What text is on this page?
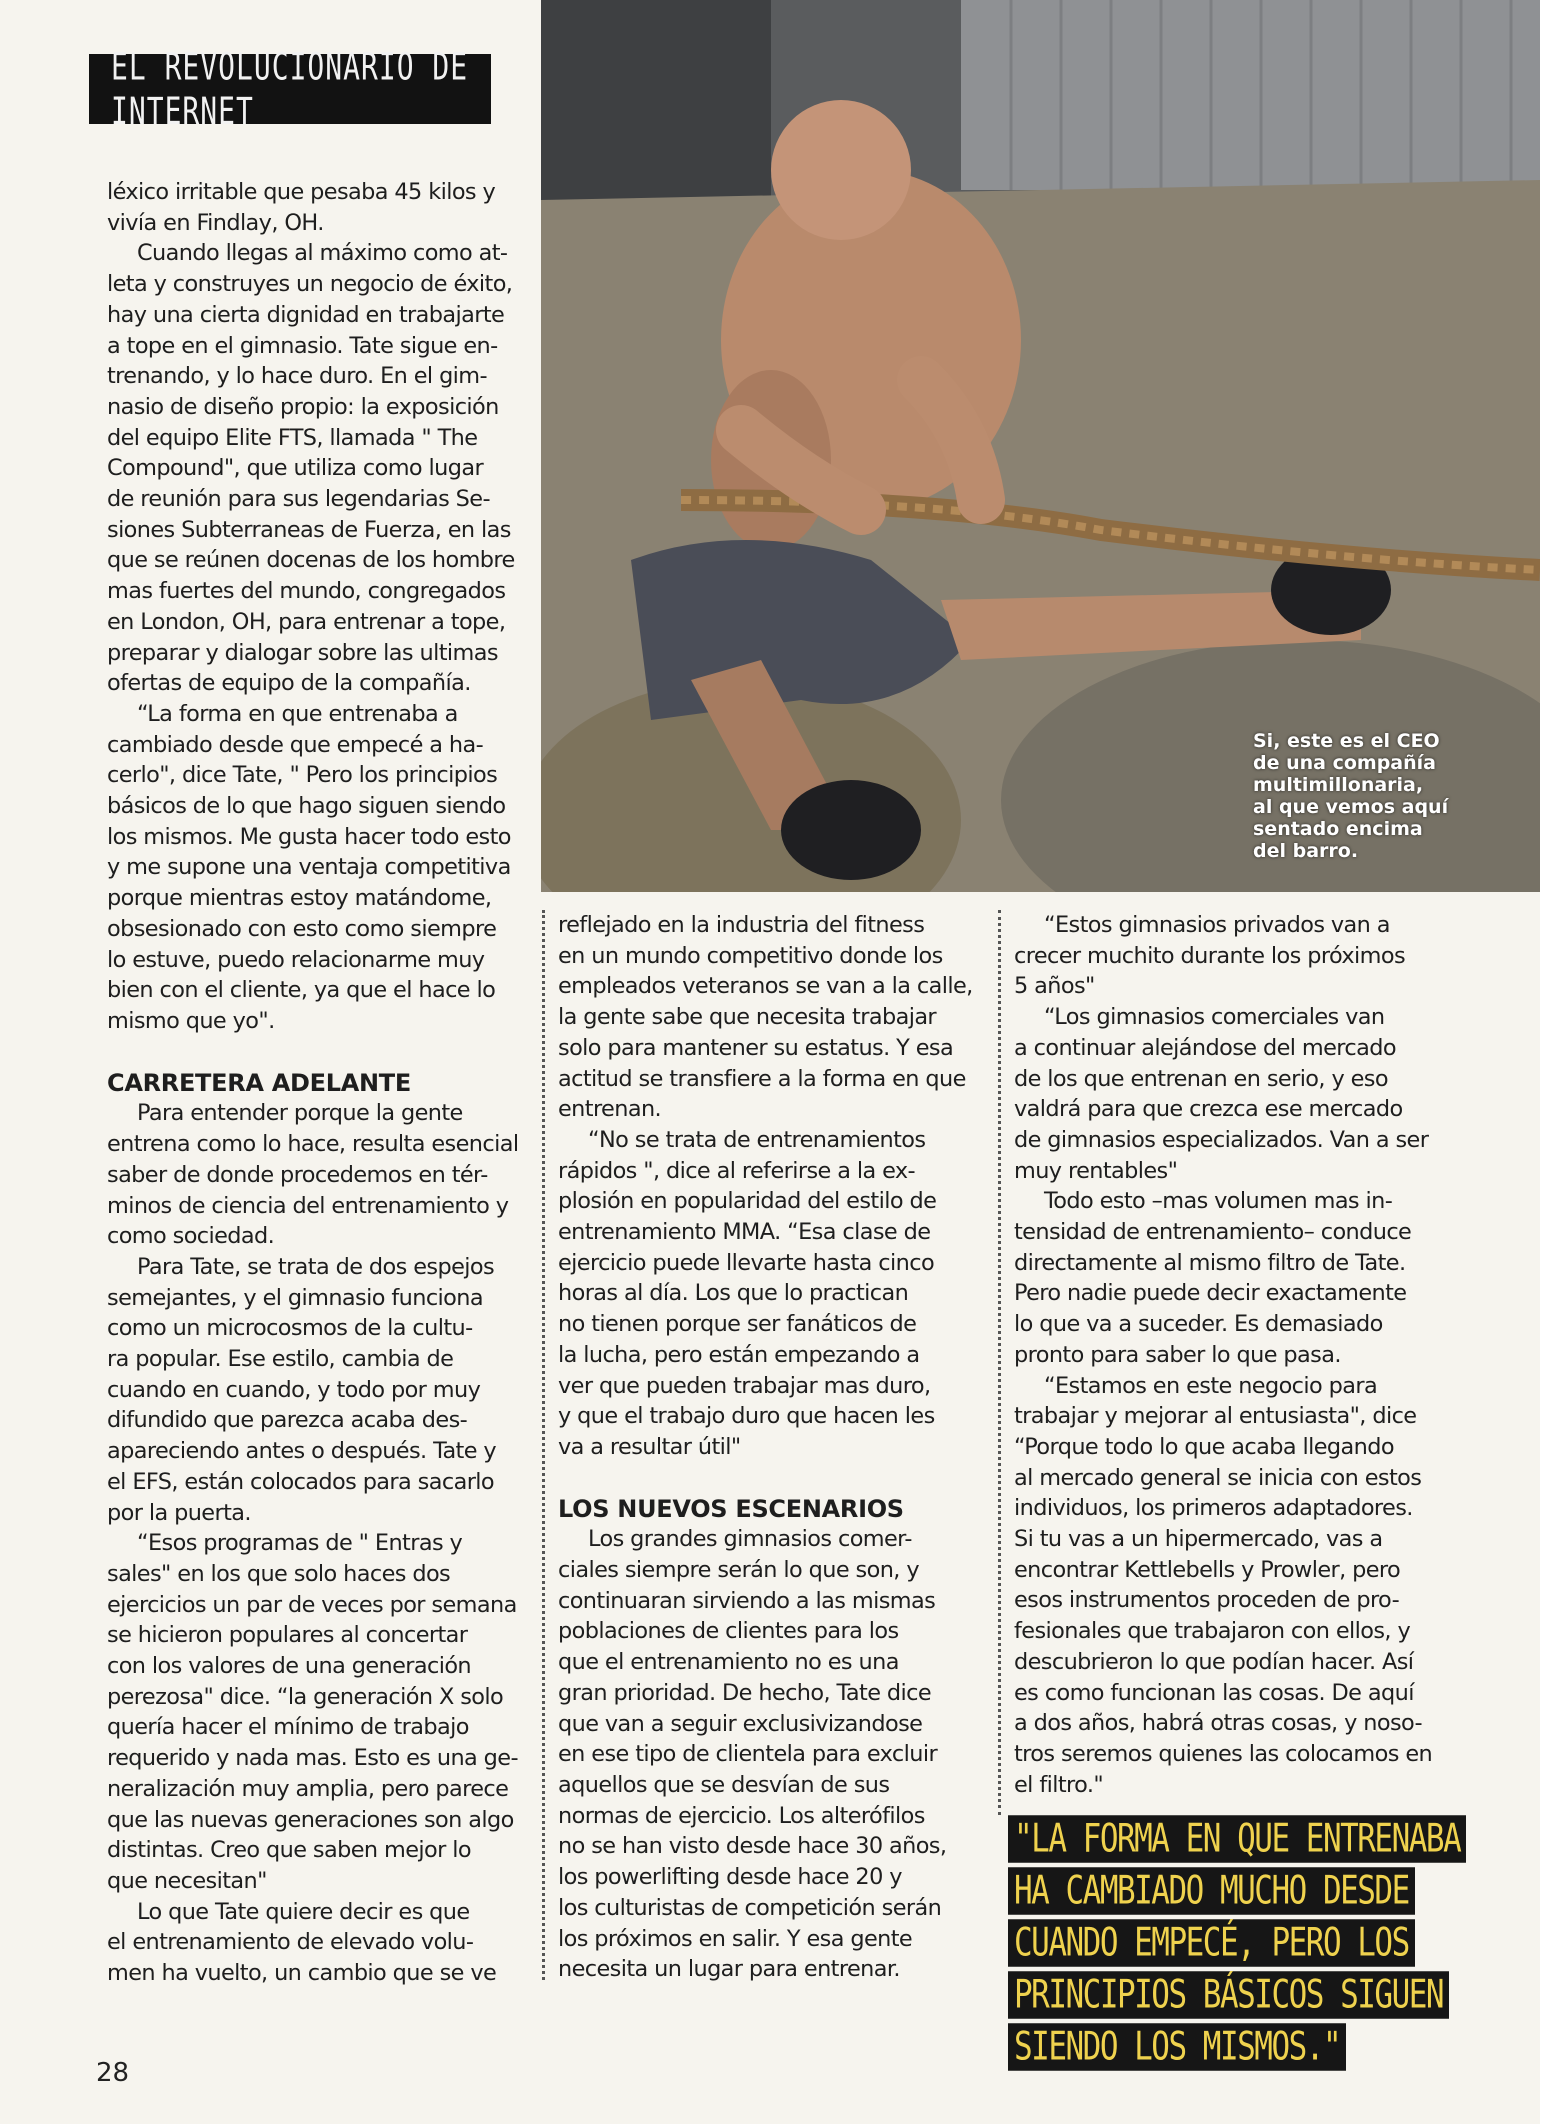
Si, este es el CEO
de una compañía
multimillonaria,
al que vemos aquí
sentado encima
del barro.
EL REVOLUCIONARIO DE INTERNET

léxico irritable que pesaba 45 kilos y

vivía en Findlay, OH.

Cuando llegas al máximo como at-

leta y construyes un negocio de éxito,

hay una cierta dignidad en trabajarte

a tope en el gimnasio. Tate sigue en-

trenando, y lo hace duro. En el gim-

nasio de diseño propio: la exposición

del equipo Elite FTS, llamada " The

Compound", que utiliza como lugar

de reunión para sus legendarias Se-

siones Subterraneas de Fuerza, en las

que se reúnen docenas de los hombre

mas fuertes del mundo, congregados

en London, OH, para entrenar a tope,

preparar y dialogar sobre las ultimas

ofertas de equipo de la compañía.

“La forma en que entrenaba a

cambiado desde que empecé a ha-

cerlo", dice Tate, " Pero los principios

básicos de lo que hago siguen siendo

los mismos. Me gusta hacer todo esto

y me supone una ventaja competitiva

porque mientras estoy matándome,

obsesionado con esto como siempre

lo estuve, puedo relacionarme muy

bien con el cliente, ya que el hace lo

mismo que yo".

CARRETERA ADELANTE

Para entender porque la gente

entrena como lo hace, resulta esencial

saber de donde procedemos en tér-

minos de ciencia del entrenamiento y

como sociedad.

Para Tate, se trata de dos espejos

semejantes, y el gimnasio funciona

como un microcosmos de la cultu-

ra popular. Ese estilo, cambia de

cuando en cuando, y todo por muy

difundido que parezca acaba des-

apareciendo antes o después. Tate y

el EFS, están colocados para sacarlo

por la puerta.

“Esos programas de " Entras y

sales" en los que solo haces dos

ejercicios un par de veces por semana

se hicieron populares al concertar

con los valores de una generación

perezosa" dice. “la generación X solo

quería hacer el mínimo de trabajo

requerido y nada mas. Esto es una ge-

neralización muy amplia, pero parece

que las nuevas generaciones son algo

distintas. Creo que saben mejor lo

que necesitan"

Lo que Tate quiere decir es que

el entrenamiento de elevado volu-

men ha vuelto, un cambio que se ve

reflejado en la industria del fitness

en un mundo competitivo donde los

empleados veteranos se van a la calle,

la gente sabe que necesita trabajar

solo para mantener su estatus. Y esa

actitud se transfiere a la forma en que

entrenan.

“No se trata de entrenamientos

rápidos ", dice al referirse a la ex-

plosión en popularidad del estilo de

entrenamiento MMA. “Esa clase de

ejercicio puede llevarte hasta cinco

horas al día. Los que lo practican

no tienen porque ser fanáticos de

la lucha, pero están empezando a

ver que pueden trabajar mas duro,

y que el trabajo duro que hacen les

va a resultar útil"

LOS NUEVOS ESCENARIOS

Los grandes gimnasios comer-

ciales siempre serán lo que son, y

continuaran sirviendo a las mismas

poblaciones de clientes para los

que el entrenamiento no es una

gran prioridad. De hecho, Tate dice

que van a seguir exclusivizandose

en ese tipo de clientela para excluir

aquellos que se desvían de sus

normas de ejercicio. Los alterófilos

no se han visto desde hace 30 años,

los powerlifting desde hace 20 y

los culturistas de competición serán

los próximos en salir. Y esa gente

necesita un lugar para entrenar.

“Estos gimnasios privados van a

crecer muchito durante los próximos

5 años"

“Los gimnasios comerciales van

a continuar alejándose del mercado

de los que entrenan en serio, y eso

valdrá para que crezca ese mercado

de gimnasios especializados. Van a ser

muy rentables"

Todo esto –mas volumen mas in-

tensidad de entrenamiento– conduce

directamente al mismo filtro de Tate.

Pero nadie puede decir exactamente

lo que va a suceder. Es demasiado

pronto para saber lo que pasa.

“Estamos en este negocio para

trabajar y mejorar al entusiasta", dice

“Porque todo lo que acaba llegando

al mercado general se inicia con estos

individuos, los primeros adaptadores.

Si tu vas a un hipermercado, vas a

encontrar Kettlebells y Prowler, pero

esos instrumentos proceden de pro-

fesionales que trabajaron con ellos, y

descubrieron lo que podían hacer. Así

es como funcionan las cosas. De aquí

a dos años, habrá otras cosas, y noso-

tros seremos quienes las colocamos en

el filtro."

"LA FORMA EN QUE ENTRENABA
HA CAMBIADO MUCHO DESDE
CUANDO EMPECÉ, PERO LOS
PRINCIPIOS BÁSICOS SIGUEN
SIENDO LOS MISMOS."
28
